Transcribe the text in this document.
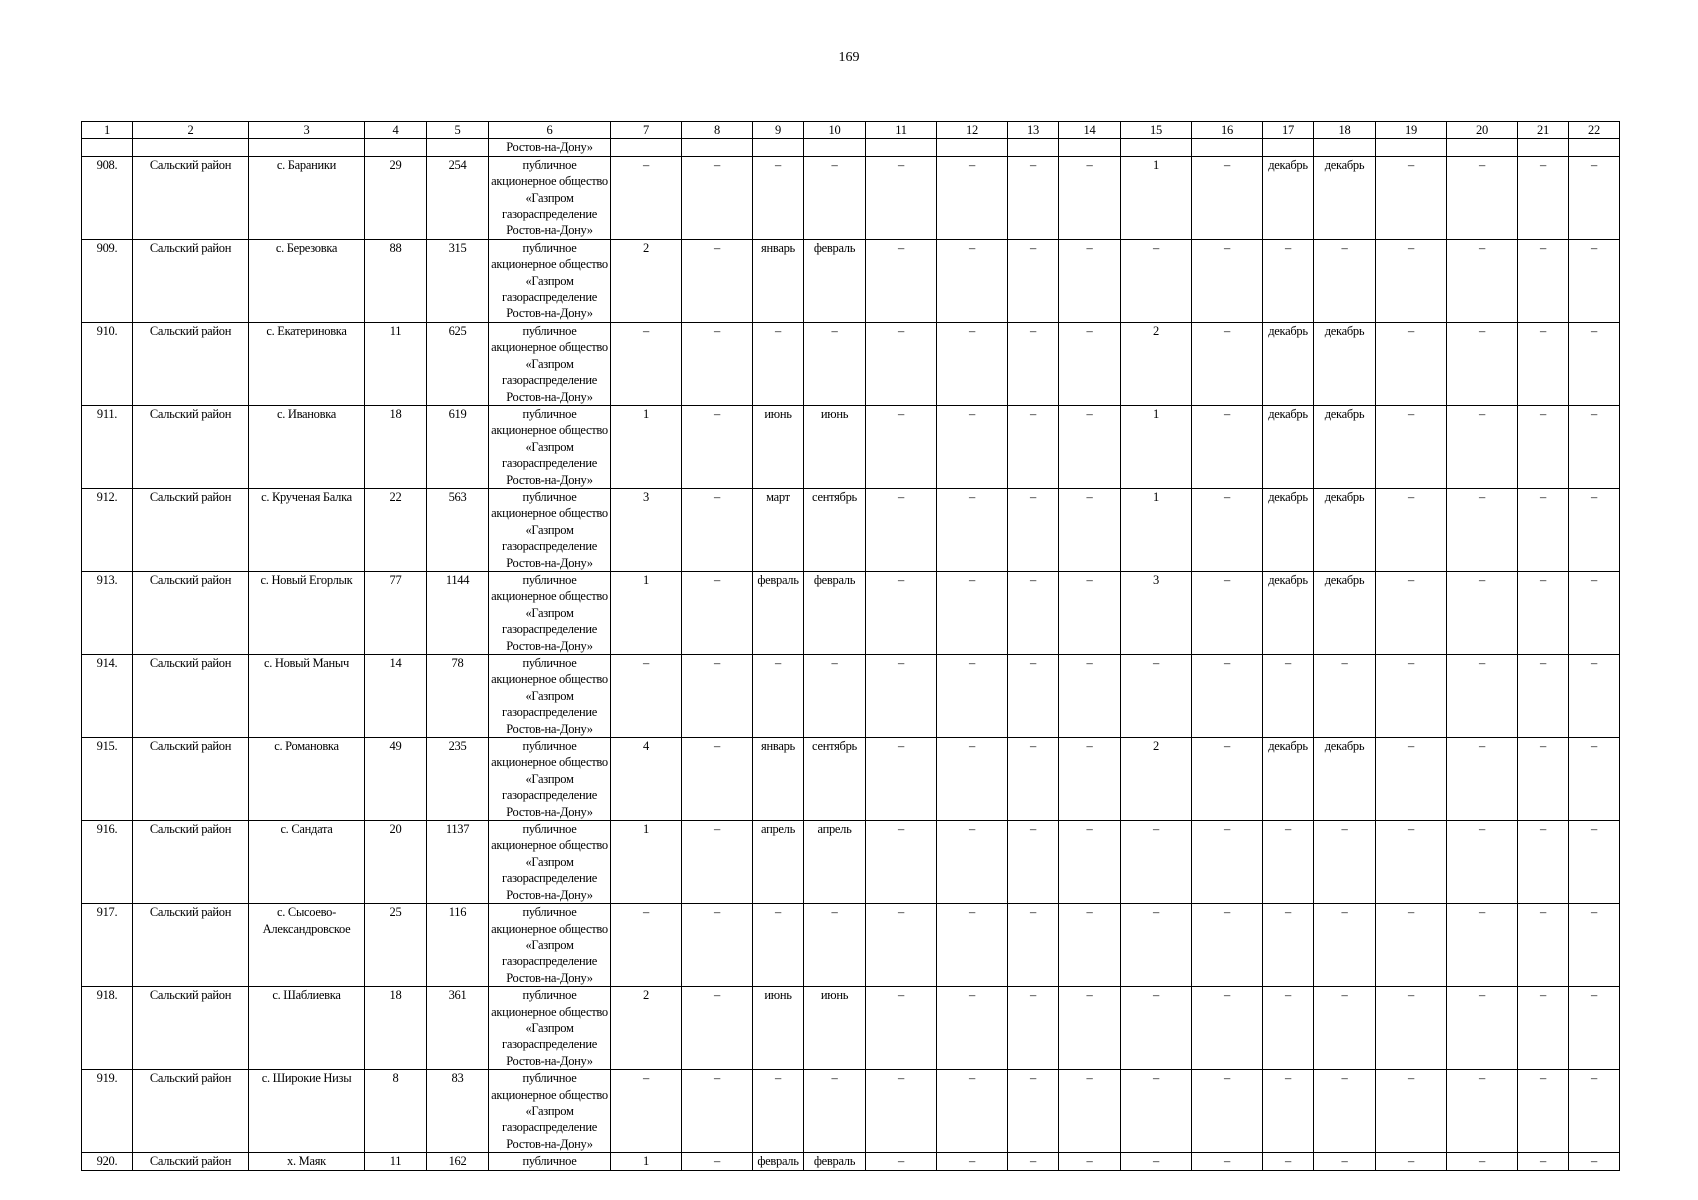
169
1	2	3	4	5	6	7	8	9	10	11	12	13	14	15	16	17	18	19	20	21	22
					Ростов-на-Дону»																
908.	Сальский район	с. Бараники	29	254	публичное акционерное общество «Газпром газораспределение Ростов-на-Дону»	–	–	–	–	–	–	–	–	1	–	декабрь	декабрь	–	–	–	–
909.	Сальский район	с. Березовка	88	315	публичное акционерное общество «Газпром газораспределение Ростов-на-Дону»	2	–	январь	февраль	–	–	–	–	–	–	–	–	–	–	–	–
910.	Сальский район	с. Екатериновка	11	625	публичное акционерное общество «Газпром газораспределение Ростов-на-Дону»	–	–	–	–	–	–	–	–	2	–	декабрь	декабрь	–	–	–	–
911.	Сальский район	с. Ивановка	18	619	публичное акционерное общество «Газпром газораспределение Ростов-на-Дону»	1	–	июнь	июнь	–	–	–	–	1	–	декабрь	декабрь	–	–	–	–
912.	Сальский район	с. Крученая Балка	22	563	публичное акционерное общество «Газпром газораспределение Ростов-на-Дону»	3	–	март	сентябрь	–	–	–	–	1	–	декабрь	декабрь	–	–	–	–
913.	Сальский район	с. Новый Егорлык	77	1144	публичное акционерное общество «Газпром газораспределение Ростов-на-Дону»	1	–	февраль	февраль	–	–	–	–	3	–	декабрь	декабрь	–	–	–	–
914.	Сальский район	с. Новый Маныч	14	78	публичное акционерное общество «Газпром газораспределение Ростов-на-Дону»	–	–	–	–	–	–	–	–	–	–	–	–	–	–	–	–
915.	Сальский район	с. Романовка	49	235	публичное акционерное общество «Газпром газораспределение Ростов-на-Дону»	4	–	январь	сентябрь	–	–	–	–	2	–	декабрь	декабрь	–	–	–	–
916.	Сальский район	с. Сандата	20	1137	публичное акционерное общество «Газпром газораспределение Ростов-на-Дону»	1	–	апрель	апрель	–	–	–	–	–	–	–	–	–	–	–	–
917.	Сальский район	с. Сысоево-Александровское	25	116	публичное акционерное общество «Газпром газораспределение Ростов-на-Дону»	–	–	–	–	–	–	–	–	–	–	–	–	–	–	–	–
918.	Сальский район	с. Шаблиевка	18	361	публичное акционерное общество «Газпром газораспределение Ростов-на-Дону»	2	–	июнь	июнь	–	–	–	–	–	–	–	–	–	–	–	–
919.	Сальский район	с. Широкие Низы	8	83	публичное акционерное общество «Газпром газораспределение Ростов-на-Дону»	–	–	–	–	–	–	–	–	–	–	–	–	–	–	–	–
920.	Сальский район	х. Маяк	11	162	публичное	1	–	февраль	февраль	–	–	–	–	–	–	–	–	–	–	–	–
